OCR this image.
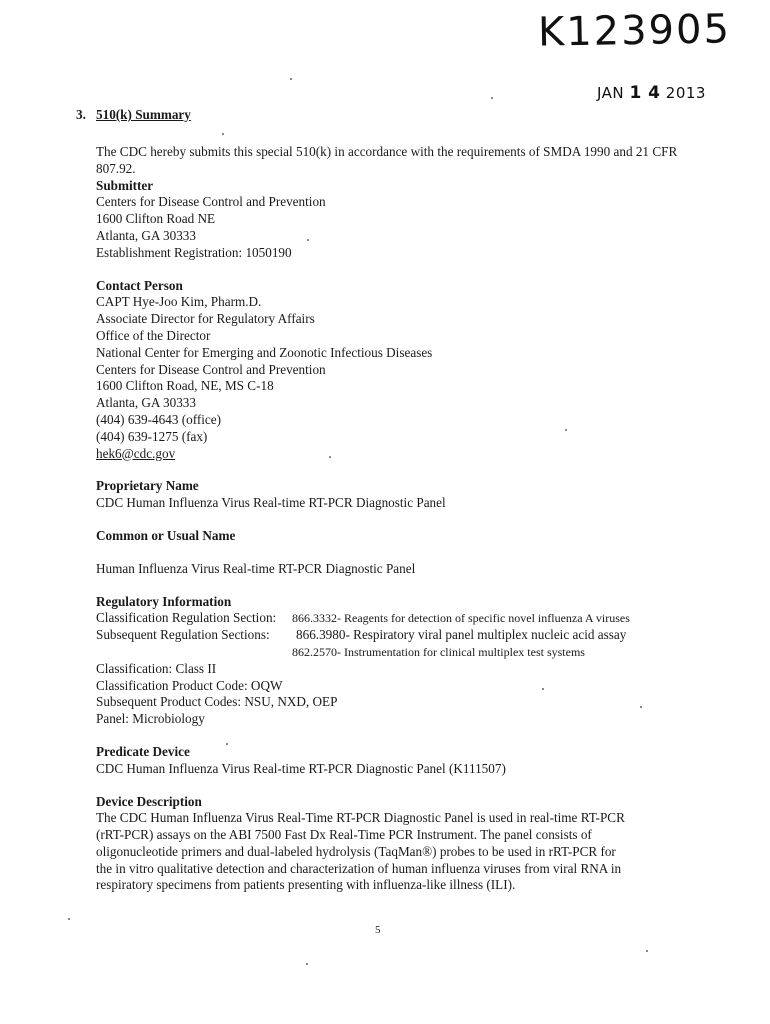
K123905
JAN 1 4 2013
3. 510(k) Summary

The CDC hereby submits this special 510(k) in accordance with the requirements of SMDA 1990 and 21 CFR 807.92.

Submitter

Centers for Disease Control and Prevention

1600 Clifton Road NE

Atlanta, GA 30333

Establishment Registration: 1050190

Contact Person

CAPT Hye-Joo Kim, Pharm.D.

Associate Director for Regulatory Affairs

Office of the Director

National Center for Emerging and Zoonotic Infectious Diseases

Centers for Disease Control and Prevention

1600 Clifton Road, NE, MS C-18

Atlanta, GA 30333

(404) 639-4643 (office)

(404) 639-1275 (fax)

hek6@cdc.gov

Proprietary Name

CDC Human Influenza Virus Real-time RT-PCR Diagnostic Panel

Common or Usual Name

Human Influenza Virus Real-time RT-PCR Diagnostic Panel

Regulatory Information

Classification Regulation Section: 866.3332- Reagents for detection of specific novel influenza A viruses
Subsequent Regulation Sections: 866.3980- Respiratory viral panel multiplex nucleic acid assay
862.2570- Instrumentation for clinical multiplex test systems

Classification: Class II

Classification Product Code: OQW

Subsequent Product Codes: NSU, NXD, OEP

Panel: Microbiology

Predicate Device

CDC Human Influenza Virus Real-time RT-PCR Diagnostic Panel (K111507)

Device Description

The CDC Human Influenza Virus Real-Time RT-PCR Diagnostic Panel is used in real-time RT-PCR

(rRT-PCR) assays on the ABI 7500 Fast Dx Real-Time PCR Instrument. The panel consists of

oligonucleotide primers and dual-labeled hydrolysis (TaqMan®) probes to be used in rRT-PCR for

the in vitro qualitative detection and characterization of human influenza viruses from viral RNA in

respiratory specimens from patients presenting with influenza-like illness (ILI).

5
